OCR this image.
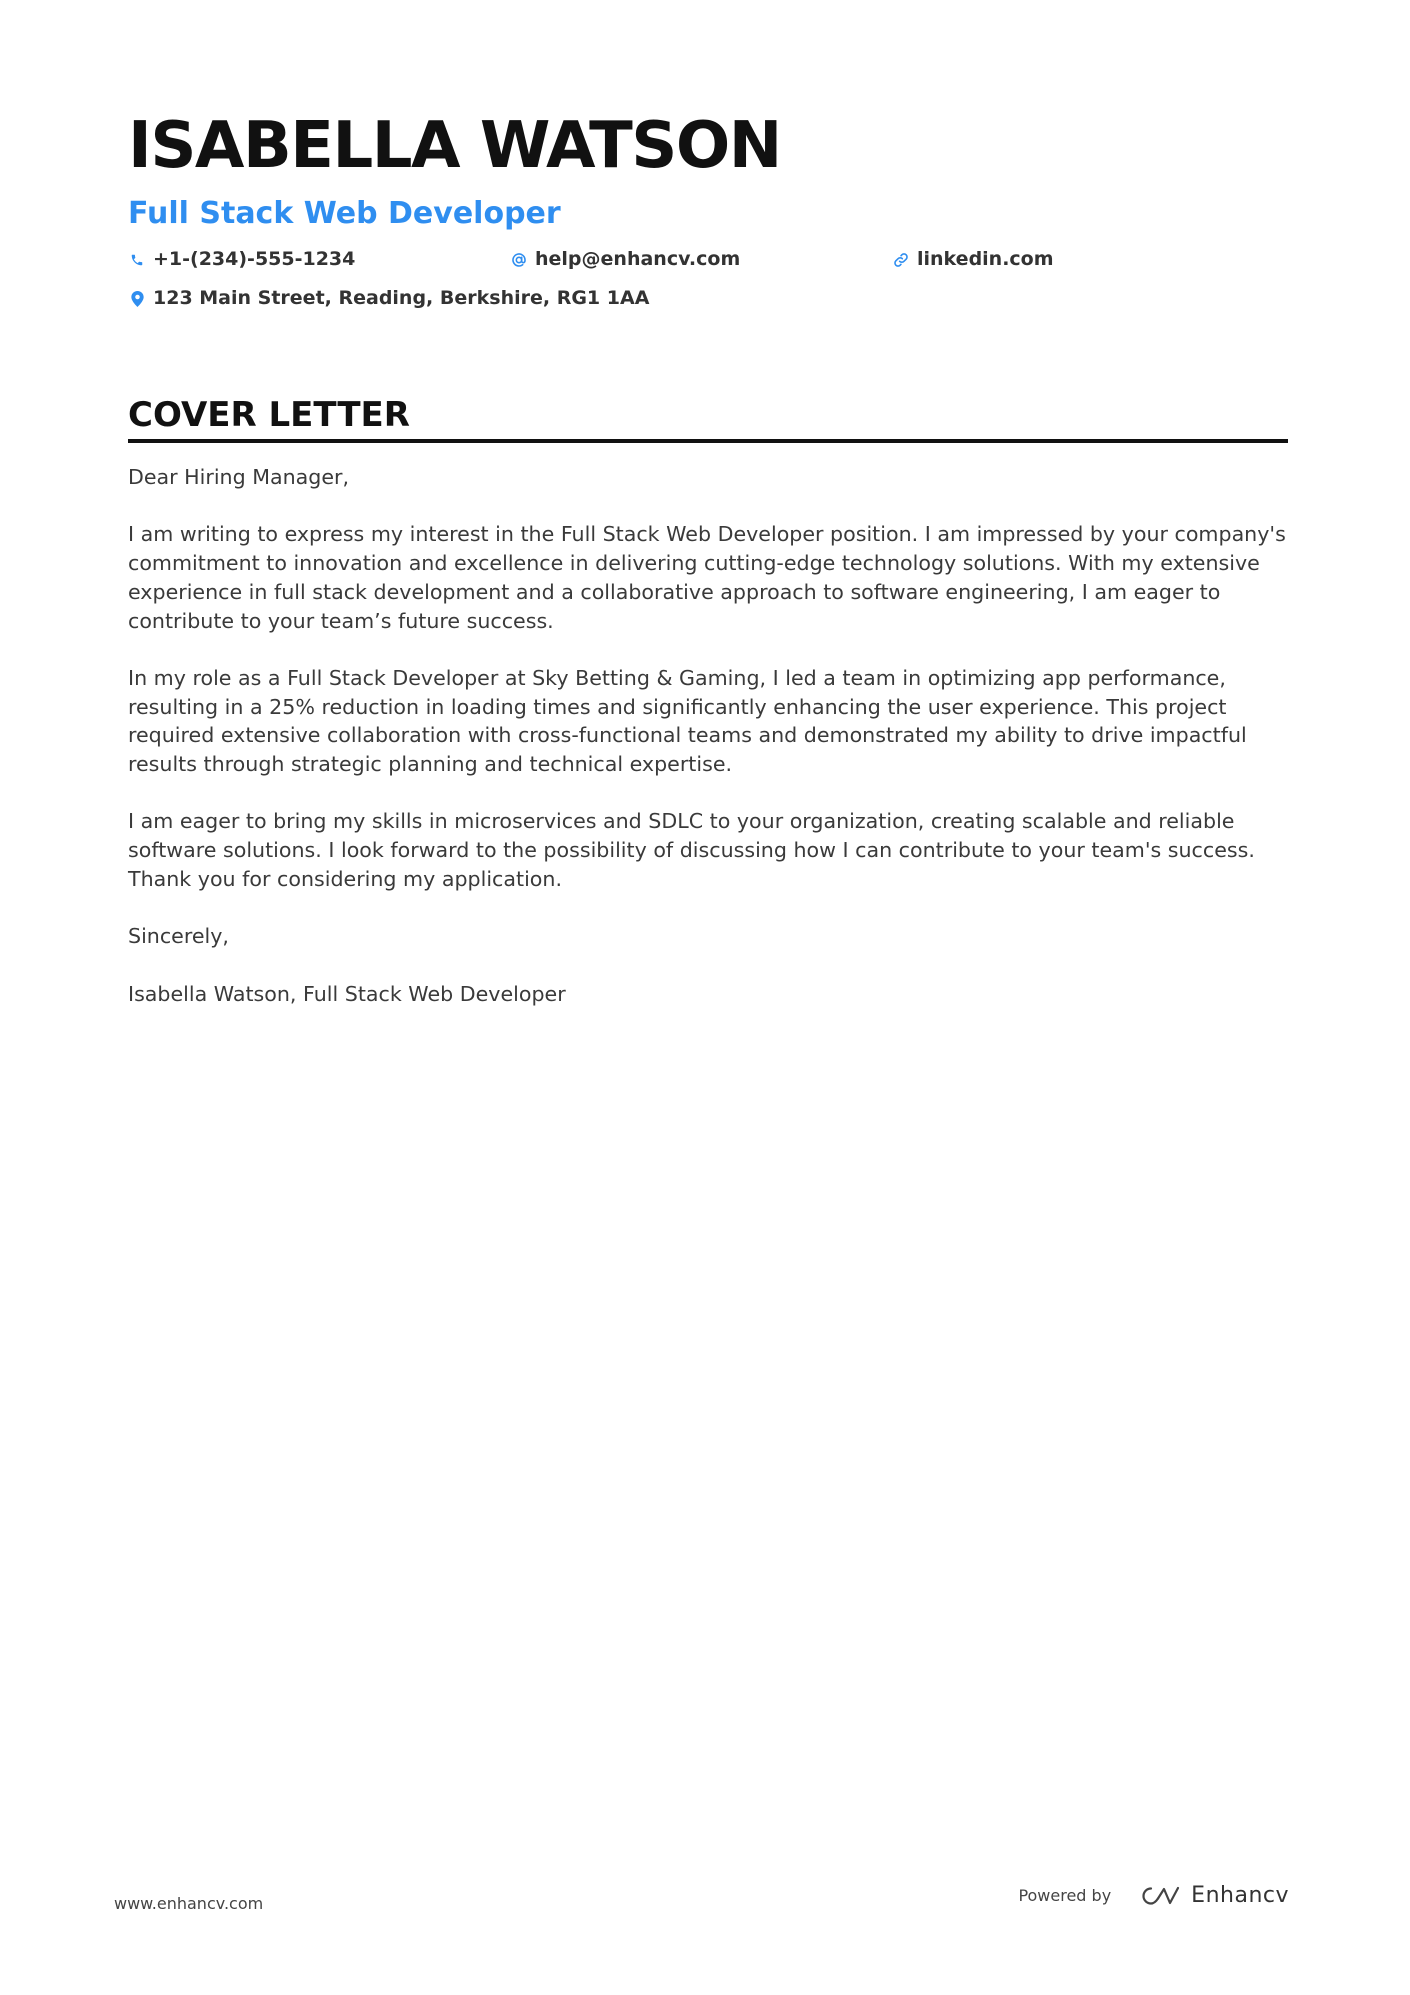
ISABELLA WATSON
Full Stack Web Developer
+1-(234)-555-1234	help@enhancv.com	linkedin.com
123 Main Street, Reading, Berkshire, RG1 1AA
COVER LETTER

Dear Hiring Manager,

I am writing to express my interest in the Full Stack Web Developer position. I am impressed by your company's commitment to innovation and excellence in delivering cutting-edge technology solutions. With my extensive experience in full stack development and a collaborative approach to software engineering, I am eager to contribute to your team’s future success.

In my role as a Full Stack Developer at Sky Betting & Gaming, I led a team in optimizing app performance, resulting in a 25% reduction in loading times and significantly enhancing the user experience. This project required extensive collaboration with cross-functional teams and demonstrated my ability to drive impactful results through strategic planning and technical expertise.

I am eager to bring my skills in microservices and SDLC to your organization, creating scalable and reliable software solutions. I look forward to the possibility of discussing how I can contribute to your team's success. Thank you for considering my application.

Sincerely,

Isabella Watson, Full Stack Web Developer

www.enhancv.com	Powered by	Enhancv
